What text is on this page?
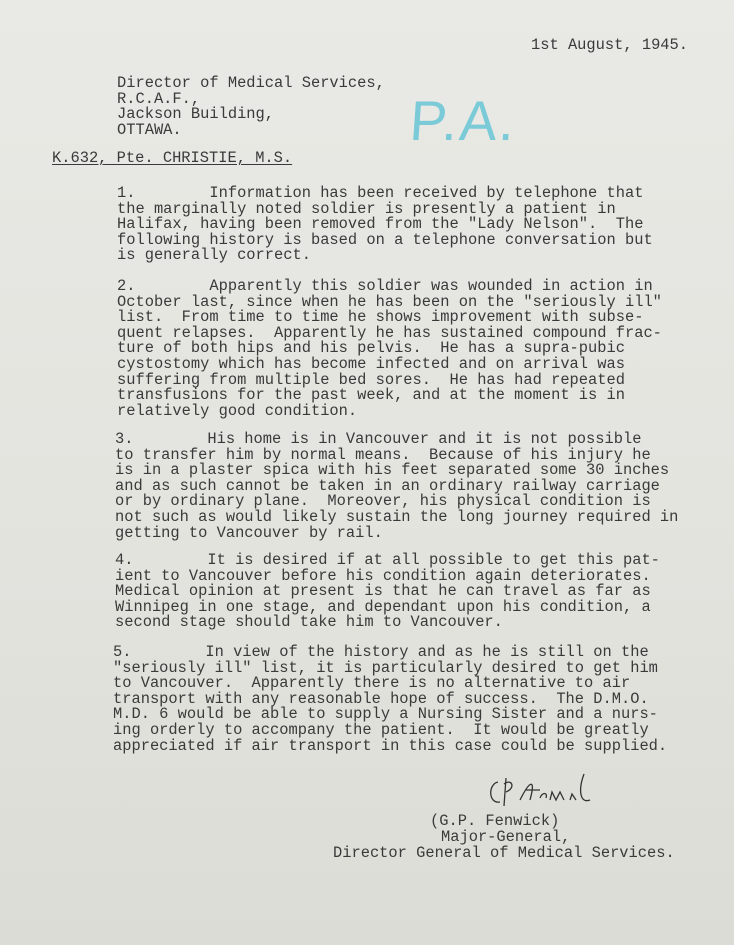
1st August, 1945.
Director of Medical Services,
R.C.A.F.,
Jackson Building,
OTTAWA.	P.A.
K.632, Pte. CHRISTIE, M.S.
1.        Information has been received by telephone that
the marginally noted soldier is presently a patient in
Halifax, having been removed from the "Lady Nelson".  The
following history is based on a telephone conversation but
is generally correct.
2.        Apparently this soldier was wounded in action in
October last, since when he has been on the "seriously ill"
list.  From time to time he shows improvement with subse-
quent relapses.  Apparently he has sustained compound frac-
ture of both hips and his pelvis.  He has a supra-pubic
cystostomy which has become infected and on arrival was
suffering from multiple bed sores.  He has had repeated
transfusions for the past week, and at the moment is in
relatively good condition.
3.        His home is in Vancouver and it is not possible
to transfer him by normal means.  Because of his injury he
is in a plaster spica with his feet separated some 30 inches
and as such cannot be taken in an ordinary railway carriage
or by ordinary plane.  Moreover, his physical condition is
not such as would likely sustain the long journey required in
getting to Vancouver by rail.
4.        It is desired if at all possible to get this pat-
ient to Vancouver before his condition again deteriorates.
Medical opinion at present is that he can travel as far as
Winnipeg in one stage, and dependant upon his condition, a
second stage should take him to Vancouver.
5.        In view of the history and as he is still on the
"seriously ill" list, it is particularly desired to get him
to Vancouver.  Apparently there is no alternative to air
transport with any reasonable hope of success.  The D.M.O.
M.D. 6 would be able to supply a Nursing Sister and a nurs-
ing orderly to accompany the patient.  It would be greatly
appreciated if air transport in this case could be supplied.
(G.P. Fenwick)
Major-General,
Director General of Medical Services.
